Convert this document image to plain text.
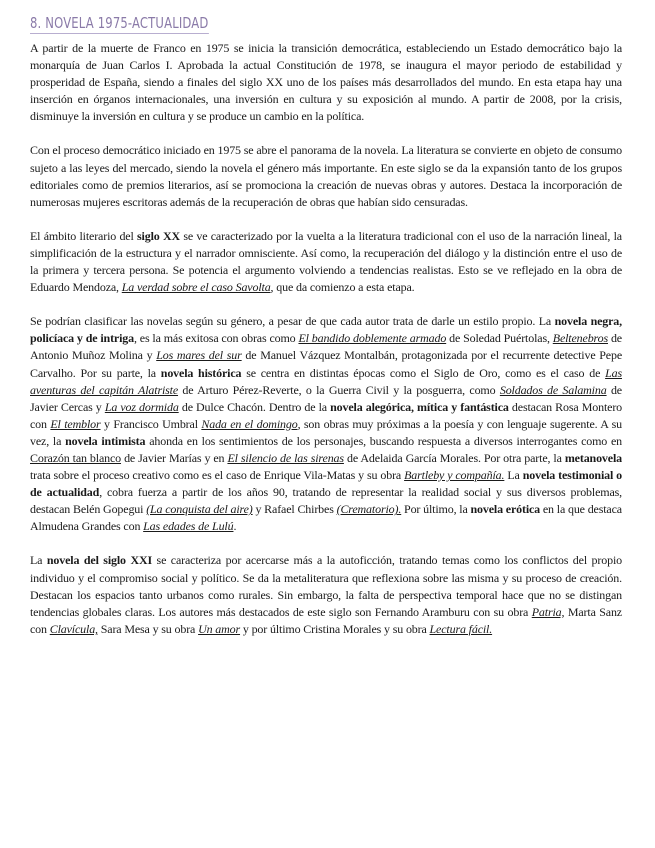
8. NOVELA 1975-ACTUALIDAD

A partir de la muerte de Franco en 1975 se inicia la transición democrática, estableciendo un Estado democrático bajo la monarquía de Juan Carlos I. Aprobada la actual Constitución de 1978, se inaugura el mayor periodo de estabilidad y prosperidad de España, siendo a finales del siglo XX uno de los países más desarrollados del mundo. En esta etapa hay una inserción en órganos internacionales, una inversión en cultura y su exposición al mundo. A partir de 2008, por la crisis, disminuye la inversión en cultura y se produce un cambio en la política.

Con el proceso democrático iniciado en 1975 se abre el panorama de la novela. La literatura se convierte en objeto de consumo sujeto a las leyes del mercado, siendo la novela el género más importante. En este siglo se da la expansión tanto de los grupos editoriales como de premios literarios, así se promociona la creación de nuevas obras y autores. Destaca la incorporación de numerosas mujeres escritoras además de la recuperación de obras que habían sido censuradas.

El ámbito literario del siglo XX se ve caracterizado por la vuelta a la literatura tradicional con el uso de la narración lineal, la simplificación de la estructura y el narrador omnisciente. Así como, la recuperación del diálogo y la distinción entre el uso de la primera y tercera persona. Se potencia el argumento volviendo a tendencias realistas. Esto se ve reflejado en la obra de Eduardo Mendoza, La verdad sobre el caso Savolta, que da comienzo a esta etapa.

Se podrían clasificar las novelas según su género, a pesar de que cada autor trata de darle un estilo propio. La novela negra, policíaca y de intriga, es la más exitosa con obras como El bandido doblemente armado de Soledad Puértolas, Beltenebros de Antonio Muñoz Molina y Los mares del sur de Manuel Vázquez Montalbán, protagonizada por el recurrente detective Pepe Carvalho. Por su parte, la novela histórica se centra en distintas épocas como el Siglo de Oro, como es el caso de Las aventuras del capitán Alatriste de Arturo Pérez-Reverte, o la Guerra Civil y la posguerra, como Soldados de Salamina de Javier Cercas y La voz dormida de Dulce Chacón. Dentro de la novela alegórica, mítica y fantástica destacan Rosa Montero con El temblor y Francisco Umbral Nada en el domingo, son obras muy próximas a la poesía y con lenguaje sugerente. A su vez, la novela intimista ahonda en los sentimientos de los personajes, buscando respuesta a diversos interrogantes como en Corazón tan blanco de Javier Marías y en El silencio de las sirenas de Adelaida García Morales. Por otra parte, la metanovela trata sobre el proceso creativo como es el caso de Enrique Vila-Matas y su obra Bartleby y compañía. La novela testimonial o de actualidad, cobra fuerza a partir de los años 90, tratando de representar la realidad social y sus diversos problemas, destacan Belén Gopegui (La conquista del aire) y Rafael Chirbes (Crematorio). Por último, la novela erótica en la que destaca Almudena Grandes con Las edades de Lulú.

La novela del siglo XXI se caracteriza por acercarse más a la autoficción, tratando temas como los conflictos del propio individuo y el compromiso social y político. Se da la metaliteratura que reflexiona sobre las misma y su proceso de creación. Destacan los espacios tanto urbanos como rurales. Sin embargo, la falta de perspectiva temporal hace que no se distingan tendencias globales claras. Los autores más destacados de este siglo son Fernando Aramburu con su obra Patria, Marta Sanz con Clavícula, Sara Mesa y su obra Un amor y por último Cristina Morales y su obra Lectura fácil.
